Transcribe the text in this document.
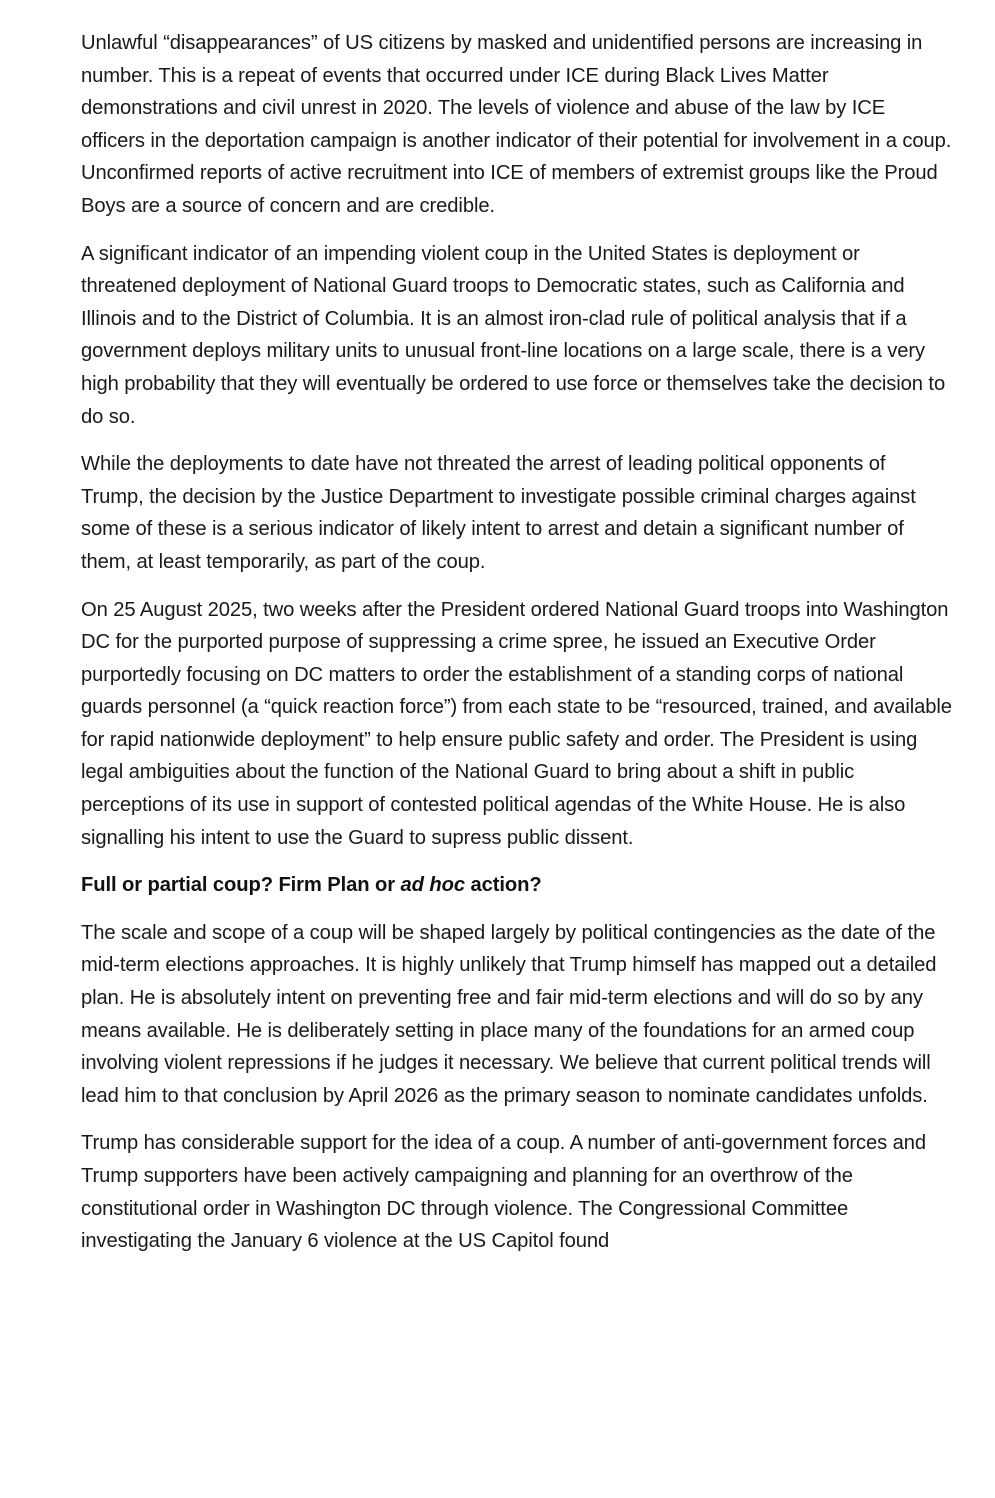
Unlawful “disappearances” of US citizens by masked and unidentified persons are increasing in number. This is a repeat of events that occurred under ICE during Black Lives Matter demonstrations and civil unrest in 2020. The levels of violence and abuse of the law by ICE officers in the deportation campaign is another indicator of their potential for involvement in a coup. Unconfirmed reports of active recruitment into ICE of members of extremist groups like the Proud Boys are a source of concern and are credible.

A significant indicator of an impending violent coup in the United States is deployment or threatened deployment of National Guard troops to Democratic states, such as California and Illinois and to the District of Columbia. It is an almost iron-clad rule of political analysis that if a government deploys military units to unusual front-line locations on a large scale, there is a very high probability that they will eventually be ordered to use force or themselves take the decision to do so.

While the deployments to date have not threated the arrest of leading political opponents of Trump, the decision by the Justice Department to investigate possible criminal charges against some of these is a serious indicator of likely intent to arrest and detain a significant number of them, at least temporarily, as part of the coup.

On 25 August 2025, two weeks after the President ordered National Guard troops into Washington DC for the purported purpose of suppressing a crime spree, he issued an Executive Order purportedly focusing on DC matters to order the establishment of a standing corps of national guards personnel (a “quick reaction force”) from each state to be “resourced, trained, and available for rapid nationwide deployment” to help ensure public safety and order. The President is using legal ambiguities about the function of the National Guard to bring about a shift in public perceptions of its use in support of contested political agendas of the White House. He is also signalling his intent to use the Guard to supress public dissent.

Full or partial coup? Firm Plan or ad hoc action?

The scale and scope of a coup will be shaped largely by political contingencies as the date of the mid-term elections approaches. It is highly unlikely that Trump himself has mapped out a detailed plan. He is absolutely intent on preventing free and fair mid-term elections and will do so by any means available. He is deliberately setting in place many of the foundations for an armed coup involving violent repressions if he judges it necessary. We believe that current political trends will lead him to that conclusion by April 2026 as the primary season to nominate candidates unfolds.

Trump has considerable support for the idea of a coup. A number of anti-government forces and Trump supporters have been actively campaigning and planning for an overthrow of the constitutional order in Washington DC through violence. The Congressional Committee investigating the January 6 violence at the US Capitol found
